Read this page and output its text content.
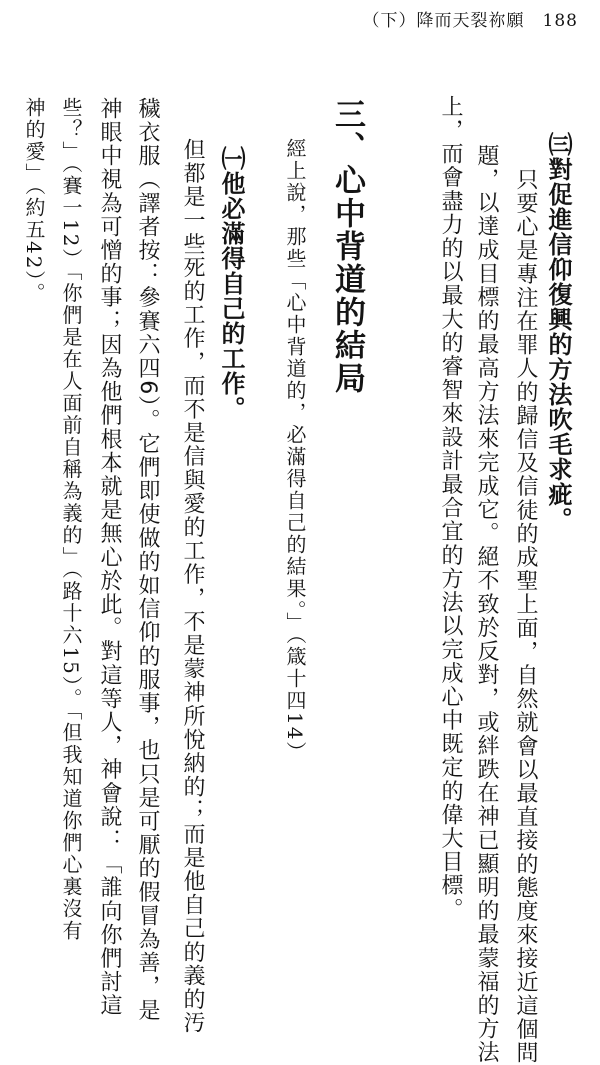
（下）降而天裂祢願 188
㈢對促進信仰復興的方法吹毛求疵。
只要心是專注在罪人的歸信及信徒的成聖上面，自然就會以最直接的態度來接近這個問
題，以達成目標的最高方法來完成它。絕不致於反對，或絆跌在神已顯明的最蒙福的方法
上，而會盡力的以最大的睿智來設計最合宜的方法以完成心中既定的偉大目標。
三、心中背道的結局
經上說，那些「心中背道的，必滿得自己的結果。」（箴十四14）
㈠他必滿得自己的工作。
但都是一些死的工作，而不是信與愛的工作，不是蒙神所悅納的；而是他自己的義的汚
穢衣服（譯者按：參賽六四6）。它們即使做的如信仰的服事，也只是可厭的假冒為善，是
神眼中視為可憎的事；因為他們根本就是無心於此。對這等人，神會說：「誰向你們討這
些？」（賽一12）「你們是在人面前自稱為義的」（路十六15）。「但我知道你們心裏沒有
神的愛」（約五42）。
